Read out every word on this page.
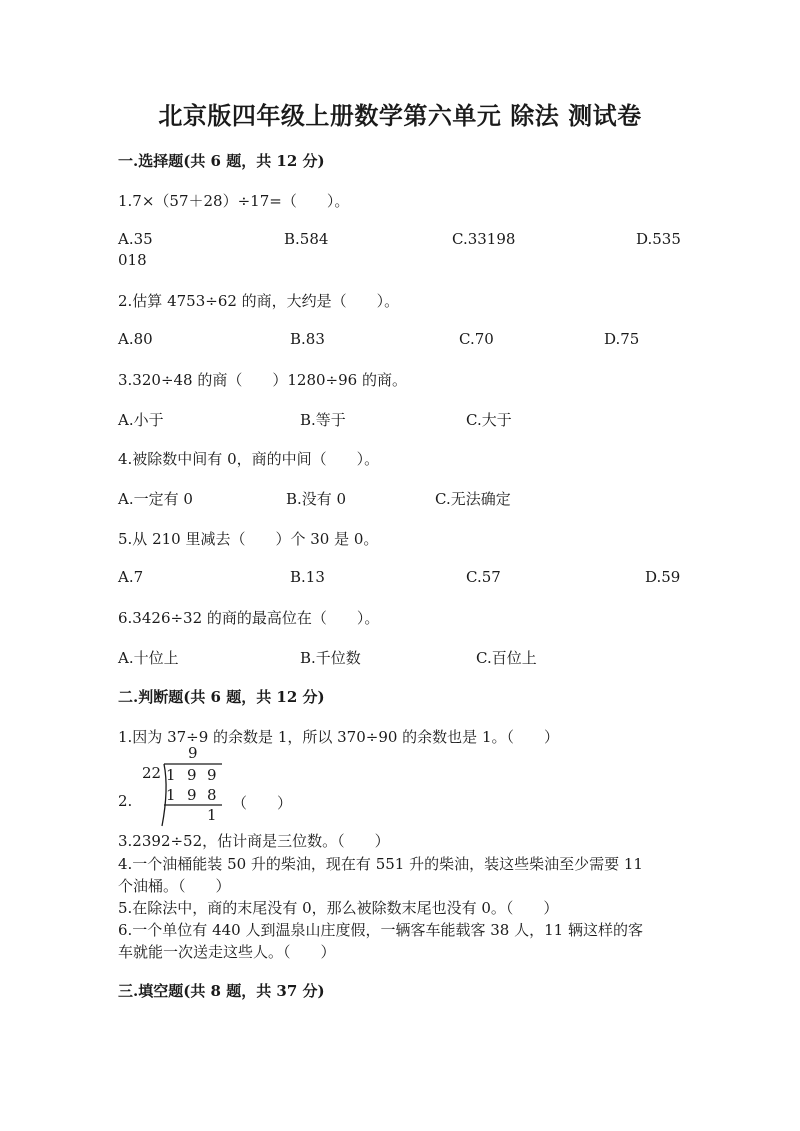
北京版四年级上册数学第六单元 除法 测试卷
一.选择题(共 6 题，共 12 分)
1.7×（57＋28）÷17=（　　）。
A.35	B.584	C.33198	D.535
018
2.估算 4753÷62 的商，大约是（　　）。
A.80	B.83	C.70	D.75
3.320÷48 的商（　　）1280÷96 的商。
A.小于	B.等于	C.大于
4.被除数中间有 0，商的中间（　　）。
A.一定有 0	B.没有 0	C.无法确定
5.从 210 里减去（　　）个 30 是 0。
A.7	B.13	C.57	D.59
6.3426÷32 的商的最高位在（　　）。
A.十位上	B.千位数	C.百位上
二.判断题(共 6 题，共 12 分)
1.因为 37÷9 的余数是 1，所以 370÷90 的余数也是 1。（　　）
2.
9
22 1 9 9
1 9 8
1
（　　）
3.2392÷52，估计商是三位数。（　　）
4.一个油桶能装 50 升的柴油，现在有 551 升的柴油，装这些柴油至少需要 11
个油桶。（　　）
5.在除法中，商的末尾没有 0，那么被除数末尾也没有 0。（　　）
6.一个单位有 440 人到温泉山庄度假，一辆客车能载客 38 人，11 辆这样的客
车就能一次送走这些人。（　　）
三.填空题(共 8 题，共 37 分)
